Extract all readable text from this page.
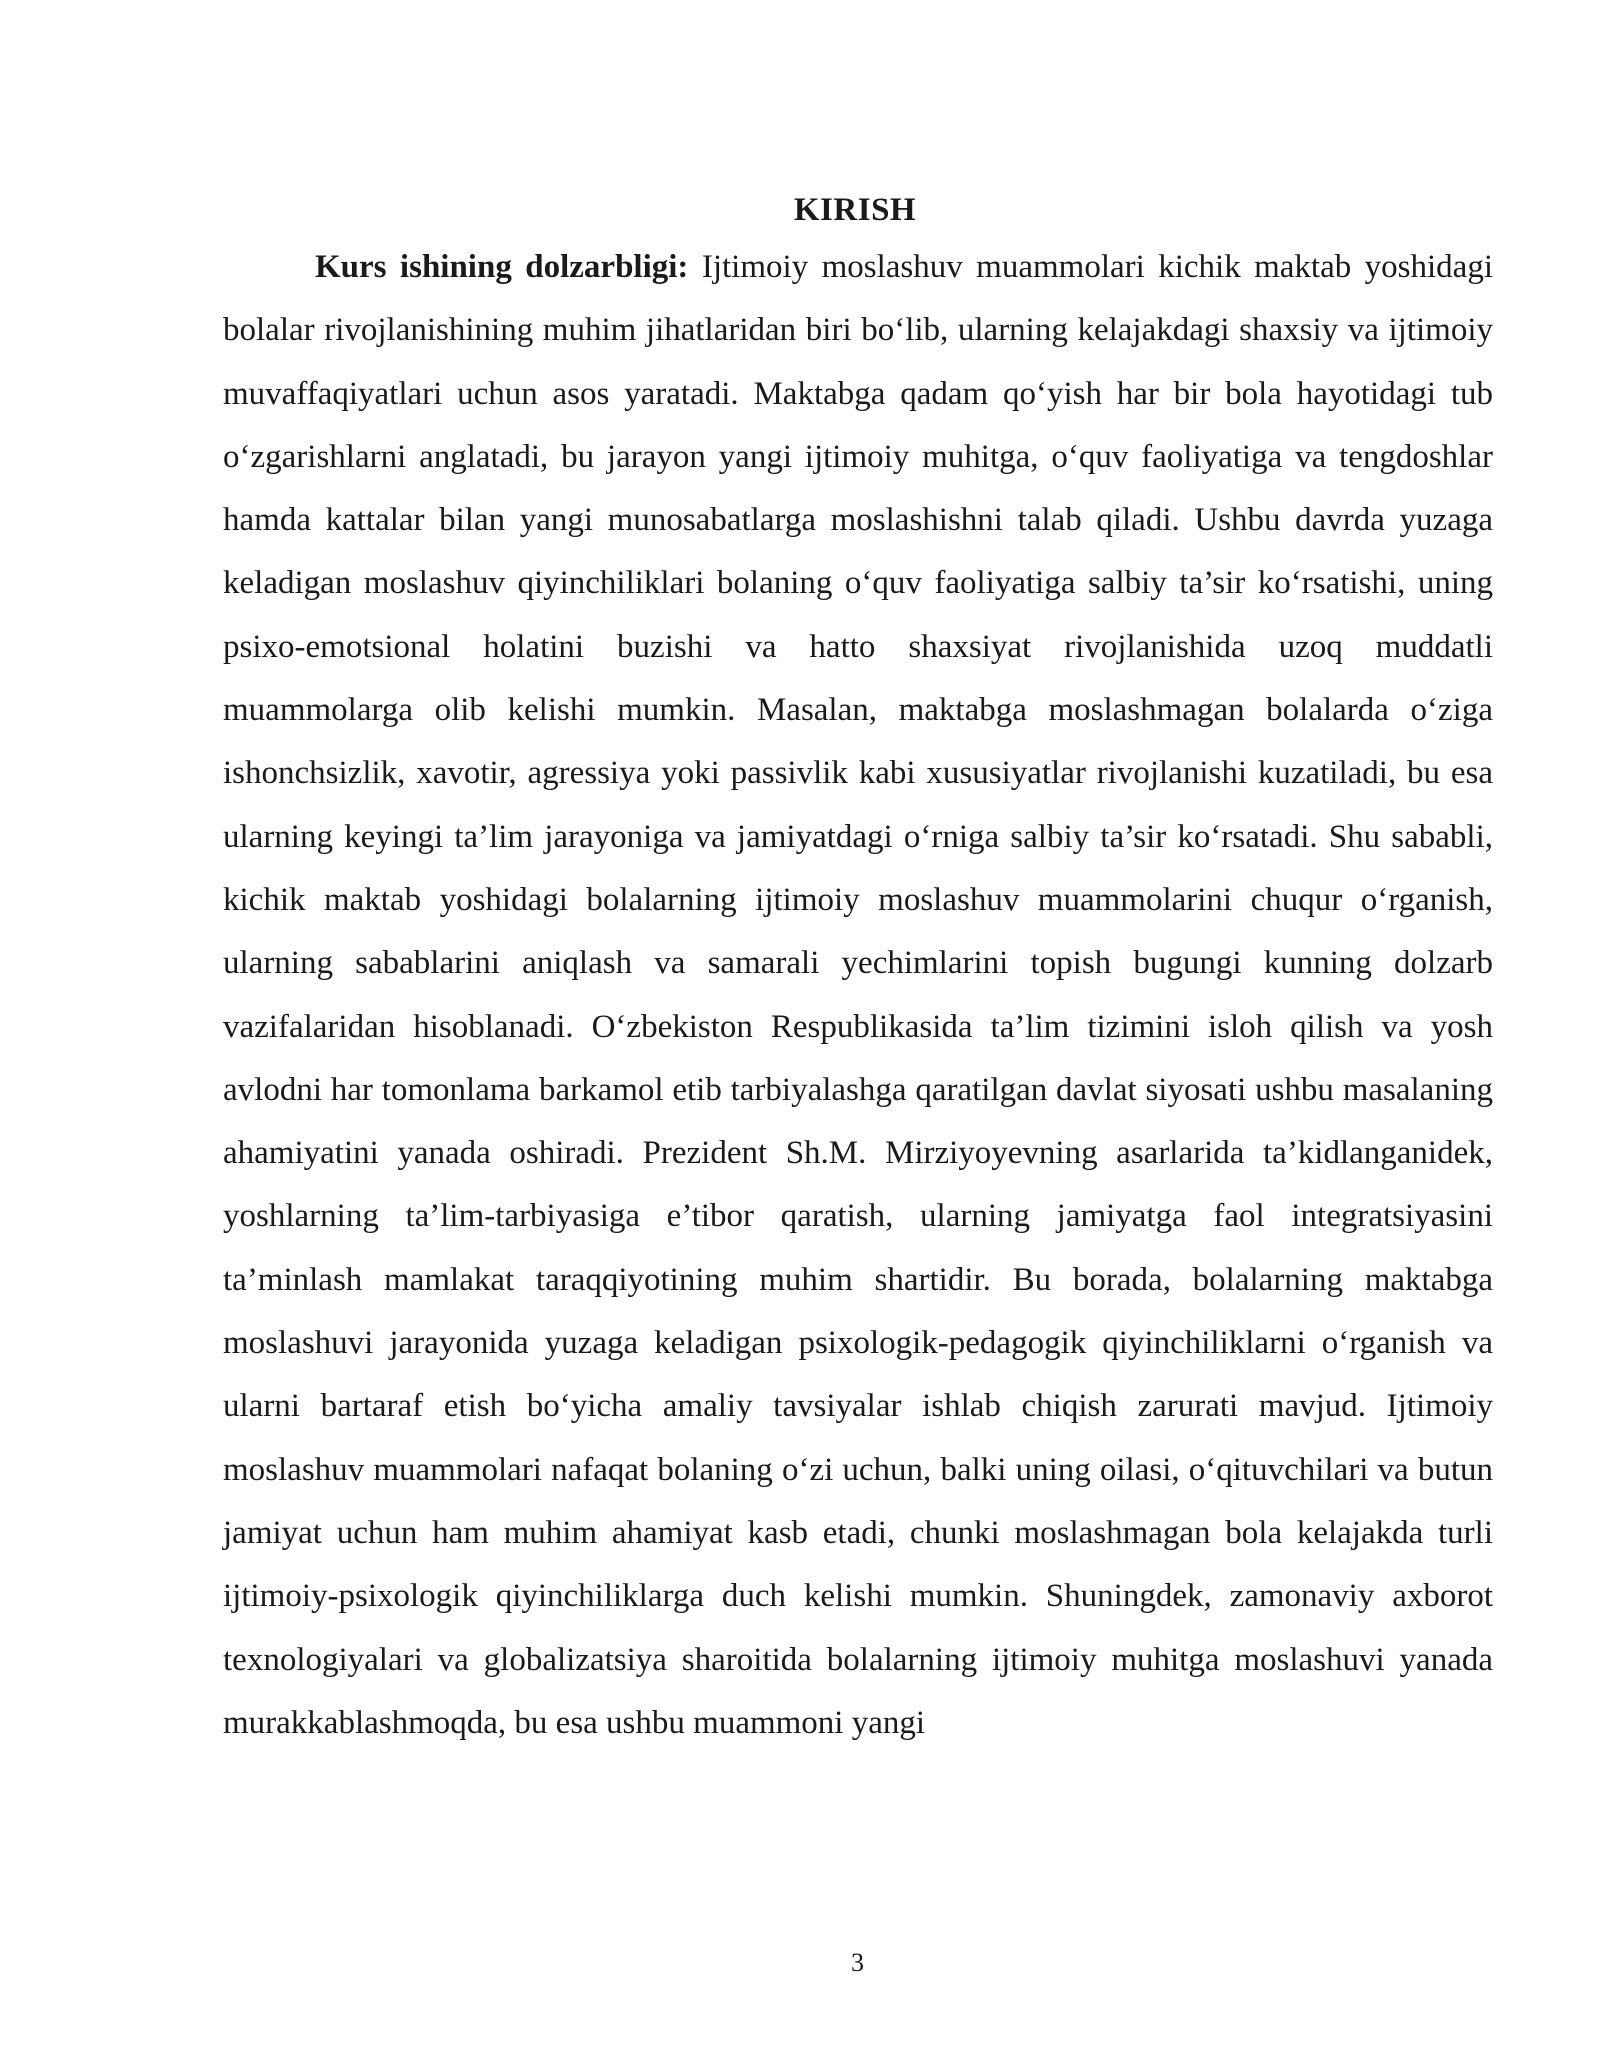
KIRISH

Kurs ishining dolzarbligi: Ijtimoiy moslashuv muammolari kichik maktab yoshidagi bolalar rivojlanishining muhim jihatlaridan biri bo‘lib, ularning kelajakdagi shaxsiy va ijtimoiy muvaffaqiyatlari uchun asos yaratadi. Maktabga qadam qo‘yish har bir bola hayotidagi tub o‘zgarishlarni anglatadi, bu jarayon yangi ijtimoiy muhitga, o‘quv faoliyatiga va tengdoshlar hamda kattalar bilan yangi munosabatlarga moslashishni talab qiladi. Ushbu davrda yuzaga keladigan moslashuv qiyinchiliklari bolaning o‘quv faoliyatiga salbiy ta’sir ko‘rsatishi, uning psixo-emotsional holatini buzishi va hatto shaxsiyat rivojlanishida uzoq muddatli muammolarga olib kelishi mumkin. Masalan, maktabga moslashmagan bolalarda o‘ziga ishonchsizlik, xavotir, agressiya yoki passivlik kabi xususiyatlar rivojlanishi kuzatiladi, bu esa ularning keyingi ta’lim jarayoniga va jamiyatdagi o‘rniga salbiy ta’sir ko‘rsatadi. Shu sababli, kichik maktab yoshidagi bolalarning ijtimoiy moslashuv muammolarini chuqur o‘rganish, ularning sabablarini aniqlash va samarali yechimlarini topish bugungi kunning dolzarb vazifalaridan hisoblanadi. O‘zbekiston Respublikasida ta’lim tizimini isloh qilish va yosh avlodni har tomonlama barkamol etib tarbiyalashga qaratilgan davlat siyosati ushbu masalaning ahamiyatini yanada oshiradi. Prezident Sh.M. Mirziyoyevning asarlarida ta’kidlanganidek, yoshlarning ta’lim-tarbiyasiga e’tibor qaratish, ularning jamiyatga faol integratsiyasini ta’minlash mamlakat taraqqiyotining muhim shartidir. Bu borada, bolalarning maktabga moslashuvi jarayonida yuzaga keladigan psixologik-pedagogik qiyinchiliklarni o‘rganish va ularni bartaraf etish bo‘yicha amaliy tavsiyalar ishlab chiqish zarurati mavjud. Ijtimoiy moslashuv muammolari nafaqat bolaning o‘zi uchun, balki uning oilasi, o‘qituvchilari va butun jamiyat uchun ham muhim ahamiyat kasb etadi, chunki moslashmagan bola kelajakda turli ijtimoiy-psixologik qiyinchiliklarga duch kelishi mumkin. Shuningdek, zamonaviy axborot texnologiyalari va globalizatsiya sharoitida bolalarning ijtimoiy muhitga moslashuvi yanada murakkablashmoqda, bu esa ushbu muammoni yangi

3
